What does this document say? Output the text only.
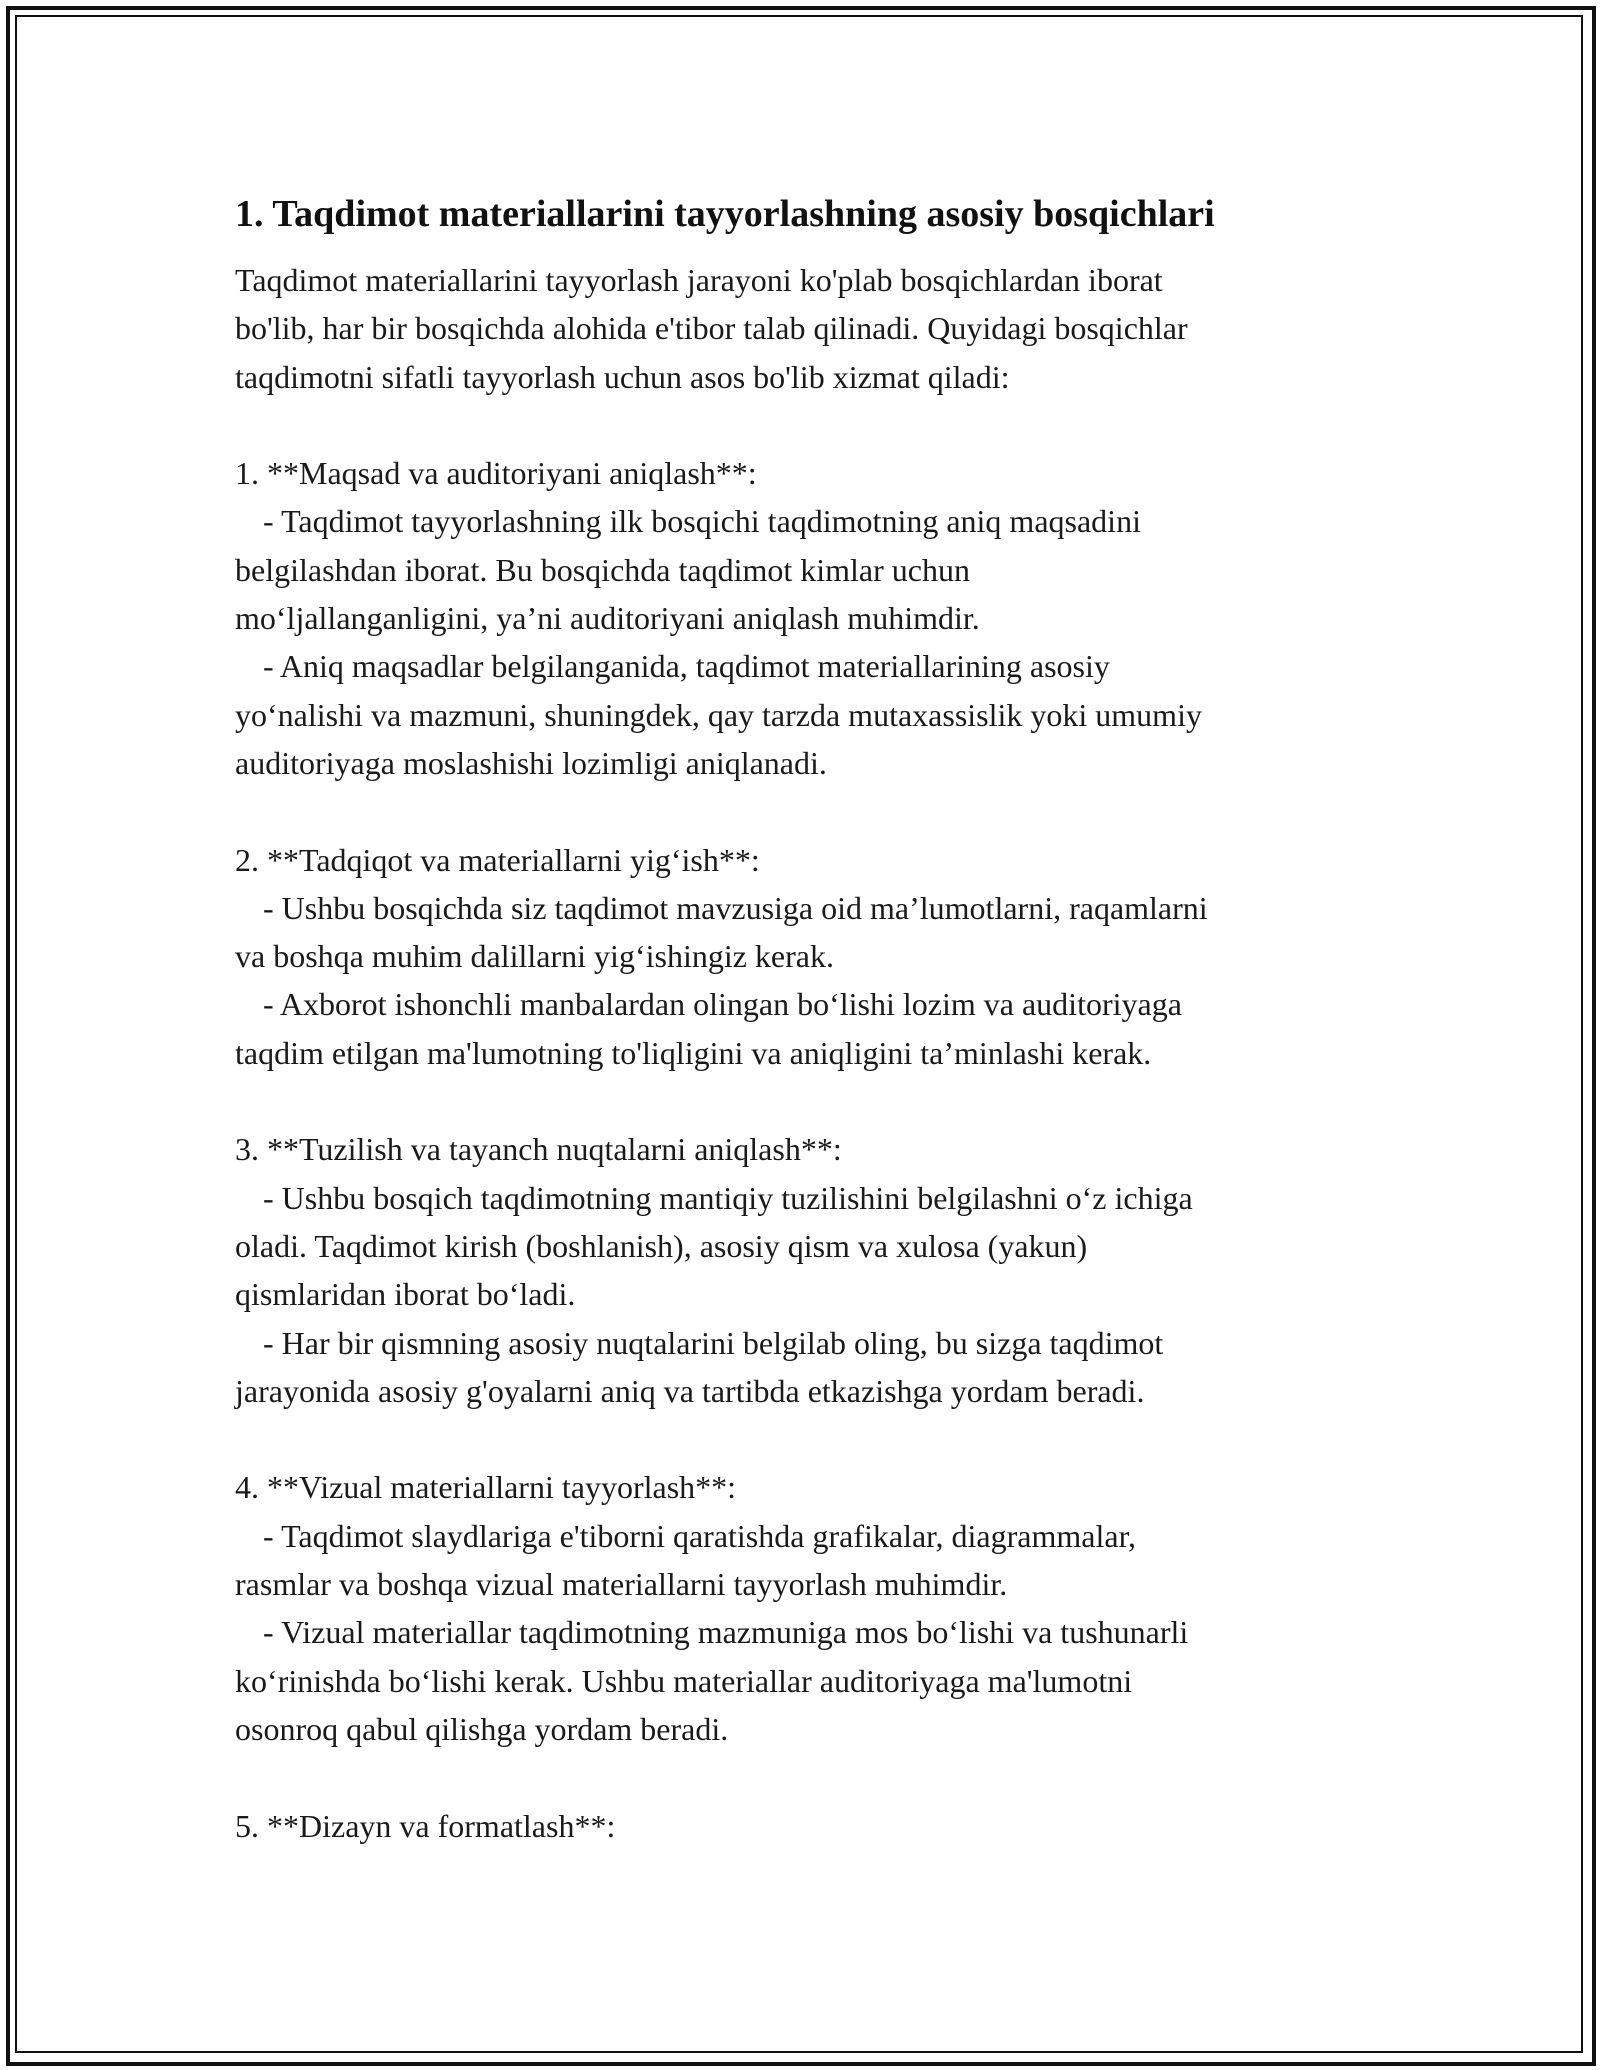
1. Taqdimot materiallarini tayyorlashning asosiy bosqichlari
Taqdimot materiallarini tayyorlash jarayoni ko'plab bosqichlardan iborat
bo'lib, har bir bosqichda alohida e'tibor talab qilinadi. Quyidagi bosqichlar
taqdimotni sifatli tayyorlash uchun asos bo'lib xizmat qiladi:
1. **Maqsad va auditoriyani aniqlash**:
- Taqdimot tayyorlashning ilk bosqichi taqdimotning aniq maqsadini
belgilashdan iborat. Bu bosqichda taqdimot kimlar uchun
mo‘ljallanganligini, ya’ni auditoriyani aniqlash muhimdir.
- Aniq maqsadlar belgilanganida, taqdimot materiallarining asosiy
yo‘nalishi va mazmuni, shuningdek, qay tarzda mutaxassislik yoki umumiy
auditoriyaga moslashishi lozimligi aniqlanadi.
2. **Tadqiqot va materiallarni yig‘ish**:
- Ushbu bosqichda siz taqdimot mavzusiga oid ma’lumotlarni, raqamlarni
va boshqa muhim dalillarni yig‘ishingiz kerak.
- Axborot ishonchli manbalardan olingan bo‘lishi lozim va auditoriyaga
taqdim etilgan ma'lumotning to'liqligini va aniqligini ta’minlashi kerak.
3. **Tuzilish va tayanch nuqtalarni aniqlash**:
- Ushbu bosqich taqdimotning mantiqiy tuzilishini belgilashni o‘z ichiga
oladi. Taqdimot kirish (boshlanish), asosiy qism va xulosa (yakun)
qismlaridan iborat bo‘ladi.
- Har bir qismning asosiy nuqtalarini belgilab oling, bu sizga taqdimot
jarayonida asosiy g'oyalarni aniq va tartibda etkazishga yordam beradi.
4. **Vizual materiallarni tayyorlash**:
- Taqdimot slaydlariga e'tiborni qaratishda grafikalar, diagrammalar,
rasmlar va boshqa vizual materiallarni tayyorlash muhimdir.
- Vizual materiallar taqdimotning mazmuniga mos bo‘lishi va tushunarli
ko‘rinishda bo‘lishi kerak. Ushbu materiallar auditoriyaga ma'lumotni
osonroq qabul qilishga yordam beradi.
5. **Dizayn va formatlash**:
